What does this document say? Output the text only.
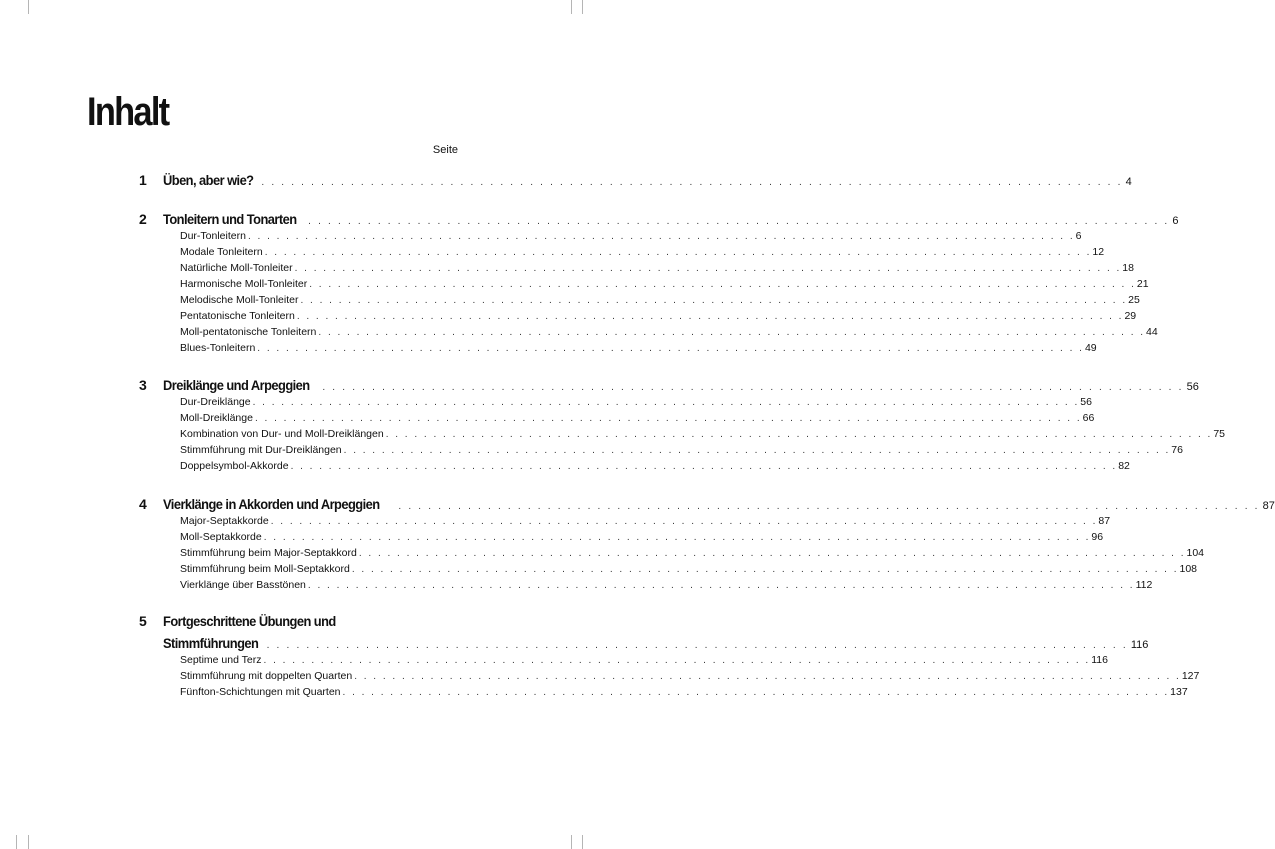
Inhalt
Seite
1 Üben, aber wie? . . . . . . . . . . . . . . . . . . . . . . . . . . . . . . . . . . . . . . . . . . . . . . . . . . . . . . . . . . . . . . . . . . . . . . . . . . . . . . . . . . . . . . . 4
2 Tonleitern und Tonarten . . . . . . . . . . . . . . . . . . . . . . . . . . . . . . . . . . . . . . . . . . . . . . . . . . . . . . . . . . . . . . . . . . . . . . . . . . . . . . . . . . . . . . . 6
Dur-Tonleitern . . . . . . . . . . . . . . . . . . . . . . . . . . . . . . . . . . . . . . . . . . . . . . . . . . . . . . . . . . . . . . . . . . . . . . . . . . . . . . . . . . . . . . . 6
Modale Tonleitern . . . . . . . . . . . . . . . . . . . . . . . . . . . . . . . . . . . . . . . . . . . . . . . . . . . . . . . . . . . . . . . . . . . . . . . . . . . . . . . . . . . . . . . 12
Natürliche Moll-Tonleiter . . . . . . . . . . . . . . . . . . . . . . . . . . . . . . . . . . . . . . . . . . . . . . . . . . . . . . . . . . . . . . . . . . . . . . . . . . . . . . . . . . . . . . . 18
Harmonische Moll-Tonleiter . . . . . . . . . . . . . . . . . . . . . . . . . . . . . . . . . . . . . . . . . . . . . . . . . . . . . . . . . . . . . . . . . . . . . . . . . . . . . . . . . . . . . . . 21
Melodische Moll-Tonleiter . . . . . . . . . . . . . . . . . . . . . . . . . . . . . . . . . . . . . . . . . . . . . . . . . . . . . . . . . . . . . . . . . . . . . . . . . . . . . . . . . . . . . . . 25
Pentatonische Tonleitern . . . . . . . . . . . . . . . . . . . . . . . . . . . . . . . . . . . . . . . . . . . . . . . . . . . . . . . . . . . . . . . . . . . . . . . . . . . . . . . . . . . . . . . 29
Moll-pentatonische Tonleitern . . . . . . . . . . . . . . . . . . . . . . . . . . . . . . . . . . . . . . . . . . . . . . . . . . . . . . . . . . . . . . . . . . . . . . . . . . . . . . . . . . . . . . . 44
Blues-Tonleitern . . . . . . . . . . . . . . . . . . . . . . . . . . . . . . . . . . . . . . . . . . . . . . . . . . . . . . . . . . . . . . . . . . . . . . . . . . . . . . . . . . . . . . . 49
3 Dreiklänge und Arpeggien . . . . . . . . . . . . . . . . . . . . . . . . . . . . . . . . . . . . . . . . . . . . . . . . . . . . . . . . . . . . . . . . . . . . . . . . . . . . . . . . . . . . . . . 56
Dur-Dreiklänge . . . . . . . . . . . . . . . . . . . . . . . . . . . . . . . . . . . . . . . . . . . . . . . . . . . . . . . . . . . . . . . . . . . . . . . . . . . . . . . . . . . . . . . 56
Moll-Dreiklänge . . . . . . . . . . . . . . . . . . . . . . . . . . . . . . . . . . . . . . . . . . . . . . . . . . . . . . . . . . . . . . . . . . . . . . . . . . . . . . . . . . . . . . . 66
Kombination von Dur- und Moll-Dreiklängen . . . . . . . . . . . . . . . . . . . . . . . . . . . . . . . . . . . . . . . . . . . . . . . . . . . . . . . . . . . . . . . . . . . . . . . . . . . . . . . . . . . . . . . 75
Stimmführung mit Dur-Dreiklängen . . . . . . . . . . . . . . . . . . . . . . . . . . . . . . . . . . . . . . . . . . . . . . . . . . . . . . . . . . . . . . . . . . . . . . . . . . . . . . . . . . . . . . . 76
Doppelsymbol-Akkorde . . . . . . . . . . . . . . . . . . . . . . . . . . . . . . . . . . . . . . . . . . . . . . . . . . . . . . . . . . . . . . . . . . . . . . . . . . . . . . . . . . . . . . . 82
4 Vierklänge in Akkorden und Arpeggien . . . . . . . . . . . . . . . . . . . . . . . . . . . . . . . . . . . . . . . . . . . . . . . . . . . . . . . . . . . . . . . . . . . . . . . . . . . . . . . . . . . . . . . 87
Major-Septakkorde . . . . . . . . . . . . . . . . . . . . . . . . . . . . . . . . . . . . . . . . . . . . . . . . . . . . . . . . . . . . . . . . . . . . . . . . . . . . . . . . . . . . . . . 87
Moll-Septakkorde . . . . . . . . . . . . . . . . . . . . . . . . . . . . . . . . . . . . . . . . . . . . . . . . . . . . . . . . . . . . . . . . . . . . . . . . . . . . . . . . . . . . . . . 96
Stimmführung beim Major-Septakkord . . . . . . . . . . . . . . . . . . . . . . . . . . . . . . . . . . . . . . . . . . . . . . . . . . . . . . . . . . . . . . . . . . . . . . . . . . . . . . . . . . . . . . . 104
Stimmführung beim Moll-Septakkord . . . . . . . . . . . . . . . . . . . . . . . . . . . . . . . . . . . . . . . . . . . . . . . . . . . . . . . . . . . . . . . . . . . . . . . . . . . . . . . . . . . . . . . 108
Vierklänge über Basstönen . . . . . . . . . . . . . . . . . . . . . . . . . . . . . . . . . . . . . . . . . . . . . . . . . . . . . . . . . . . . . . . . . . . . . . . . . . . . . . . . . . . . . . . 112
5 Fortgeschrittene Übungen und
Stimmführungen . . . . . . . . . . . . . . . . . . . . . . . . . . . . . . . . . . . . . . . . . . . . . . . . . . . . . . . . . . . . . . . . . . . . . . . . . . . . . . . . . . . . . . . 116
Septime und Terz . . . . . . . . . . . . . . . . . . . . . . . . . . . . . . . . . . . . . . . . . . . . . . . . . . . . . . . . . . . . . . . . . . . . . . . . . . . . . . . . . . . . . . . 116
Stimmführung mit doppelten Quarten . . . . . . . . . . . . . . . . . . . . . . . . . . . . . . . . . . . . . . . . . . . . . . . . . . . . . . . . . . . . . . . . . . . . . . . . . . . . . . . . . . . . . . . 127
Fünfton-Schichtungen mit Quarten . . . . . . . . . . . . . . . . . . . . . . . . . . . . . . . . . . . . . . . . . . . . . . . . . . . . . . . . . . . . . . . . . . . . . . . . . . . . . . . . . . . . . . . 137
